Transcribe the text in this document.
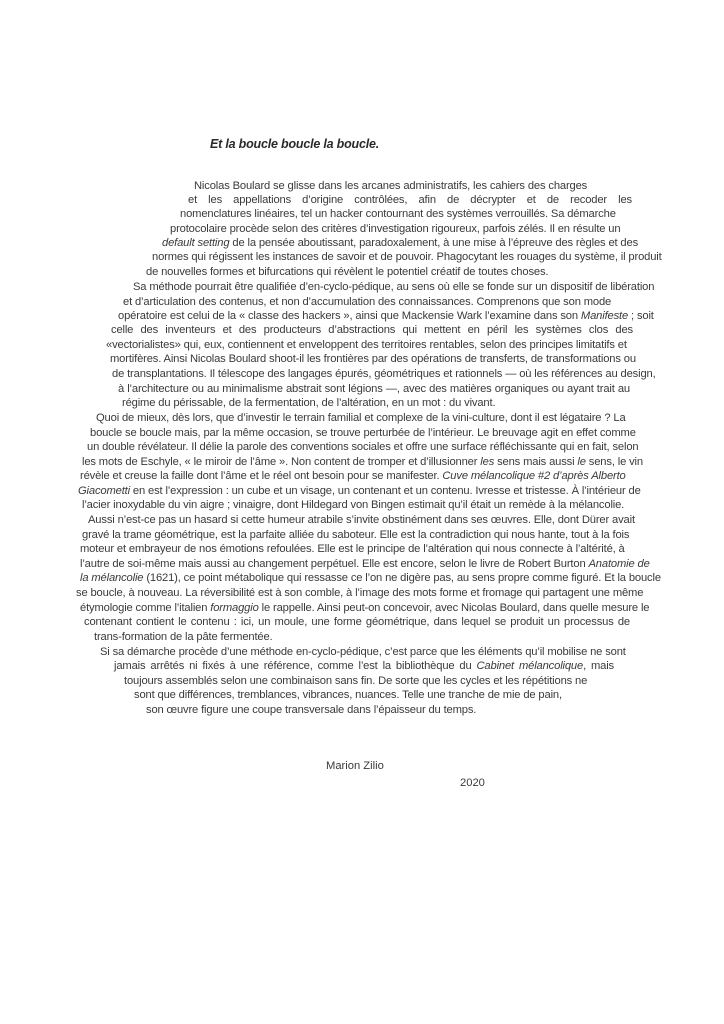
Et la boucle boucle la boucle.
Nicolas Boulard se glisse dans les arcanes administratifs, les cahiers des charges
et les appellations d’origine contrôlées, afin de décrypter et de recoder les
nomenclatures linéaires, tel un hacker contournant des systèmes verrouillés. Sa démarche
protocolaire procède selon des critères d’investigation rigoureux, parfois zélés. Il en résulte un
default setting de la pensée aboutissant, paradoxalement, à une mise à l’épreuve des règles et des
normes qui régissent les instances de savoir et de pouvoir. Phagocytant les rouages du système, il produit
de nouvelles formes et bifurcations qui révèlent le potentiel créatif de toutes choses.
Sa méthode pourrait être qualifiée d’en-cyclo-pédique, au sens où elle se fonde sur un dispositif de libération
et d’articulation des contenus, et non d’accumulation des connaissances. Comprenons que son mode
opératoire est celui de la « classe des hackers », ainsi que Mackensie Wark l’examine dans son Manifeste ; soit
celle des inventeurs et des producteurs d’abstractions qui mettent en péril les systèmes clos des
«vectorialistes» qui, eux, contiennent et enveloppent des territoires rentables, selon des principes limitatifs et
mortifères. Ainsi Nicolas Boulard shoot-il les frontières par des opérations de transferts, de transformations ou
de transplantations. Il télescope des langages épurés, géométriques et rationnels — où les références au design,
à l’architecture ou au minimalisme abstrait sont légions —, avec des matières organiques ou ayant trait au
régime du périssable, de la fermentation, de l’altération, en un mot : du vivant.
Quoi de mieux, dès lors, que d’investir le terrain familial et complexe de la vini-culture, dont il est légataire ? La
boucle se boucle mais, par la même occasion, se trouve perturbée de l’intérieur. Le breuvage agit en effet comme
un double révélateur. Il délie la parole des conventions sociales et offre une surface réfléchissante qui en fait, selon
les mots de Eschyle, « le miroir de l’âme ». Non content de tromper et d’illusionner les sens mais aussi le sens, le vin
révèle et creuse la faille dont l’âme et le réel ont besoin pour se manifester. Cuve mélancolique #2 d’après Alberto
Giacometti en est l’expression : un cube et un visage, un contenant et un contenu. Ivresse et tristesse. À l’intérieur de
l’acier inoxydable du vin aigre ; vinaigre, dont Hildegard von Bingen estimait qu’il était un remède à la mélancolie.
Aussi n’est-ce pas un hasard si cette humeur atrabile s’invite obstinément dans ses œuvres. Elle, dont Dürer avait
gravé la trame géométrique, est la parfaite alliée du saboteur. Elle est la contradiction qui nous hante, tout à la fois
moteur et embrayeur de nos émotions refoulées. Elle est le principe de l’altération qui nous connecte à l’altérité, à
l’autre de soi-même mais aussi au changement perpétuel. Elle est encore, selon le livre de Robert Burton Anatomie de
la mélancolie (1621), ce point métabolique qui ressasse ce l’on ne digère pas, au sens propre comme figuré. Et la boucle
se boucle, à nouveau. La réversibilité est à son comble, à l’image des mots forme et fromage qui partagent une même
étymologie comme l’italien formaggio le rappelle. Ainsi peut-on concevoir, avec Nicolas Boulard, dans quelle mesure le
contenant contient le contenu : ici, un moule, une forme géométrique, dans lequel se produit un processus de
trans-formation de la pâte fermentée.
Si sa démarche procède d’une méthode en-cyclo-pédique, c’est parce que les éléments qu’il mobilise ne sont
jamais arrêtés ni fixés à une référence, comme l’est la bibliothèque du Cabinet mélancolique, mais
toujours assemblés selon une combinaison sans fin. De sorte que les cycles et les répétitions ne
sont que différences, tremblances, vibrances, nuances. Telle une tranche de mie de pain,
son œuvre figure une coupe transversale dans l’épaisseur du temps.
Marion Zilio
2020
